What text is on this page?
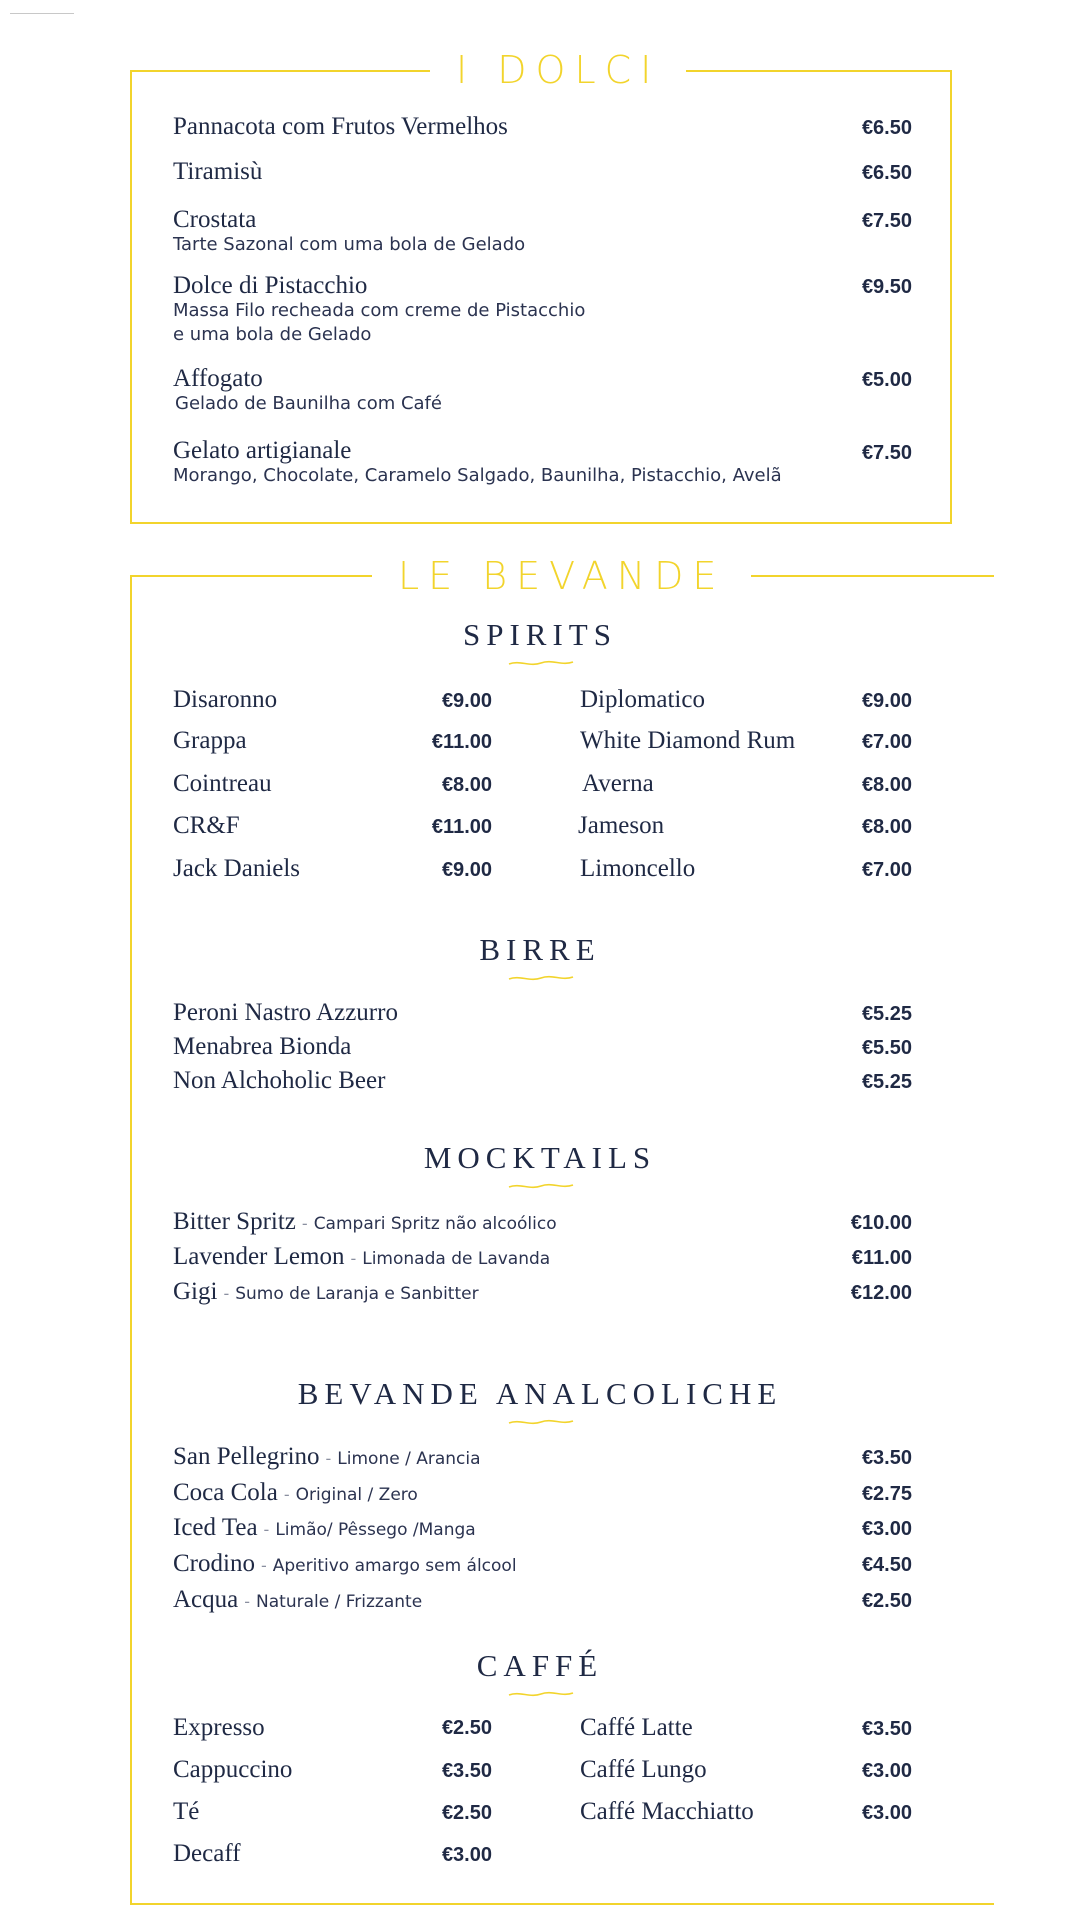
I DOLCI
Pannacota com Frutos Vermelhos	€6.50
Tiramisù	€6.50
Crostata
Tarte Sazonal com uma bola de Gelado
€7.50
Dolce di Pistacchio
Massa Filo recheada com creme de Pistacchio
e uma bola de Gelado
€9.50
Affogato
Gelado de Baunilha com Café
€5.00
Gelato artigianale
Morango, Chocolate, Caramelo Salgado, Baunilha, Pistacchio, Avelã
€7.50
LE BEVANDE
SPIRITS
Disaronno	€9.00	Diplomatico	€9.00
Grappa	€11.00	White Diamond Rum	€7.00
Cointreau	€8.00	Averna	€8.00
CR&F	€11.00	Jameson	€8.00
Jack Daniels	€9.00	Limoncello	€7.00
BIRRE
Peroni Nastro Azzurro	€5.25
Menabrea Bionda	€5.50
Non Alchoholic Beer	€5.25
MOCKTAILS
Bitter Spritz - Campari Spritz não alcoólico	€10.00
Lavender Lemon - Limonada de Lavanda	€11.00
Gigi - Sumo de Laranja e Sanbitter	€12.00
BEVANDE ANALCOLICHE
San Pellegrino - Limone / Arancia	€3.50
Coca Cola - Original / Zero	€2.75
Iced Tea - Limão/ Pêssego /Manga	€3.00
Crodino - Aperitivo amargo sem álcool	€4.50
Acqua - Naturale / Frizzante	€2.50
CAFFÉ
Expresso	€2.50	Caffé Latte	€3.50
Cappuccino	€3.50	Caffé Lungo	€3.00
Té	€2.50	Caffé Macchiatto	€3.00
Decaff	€3.00
